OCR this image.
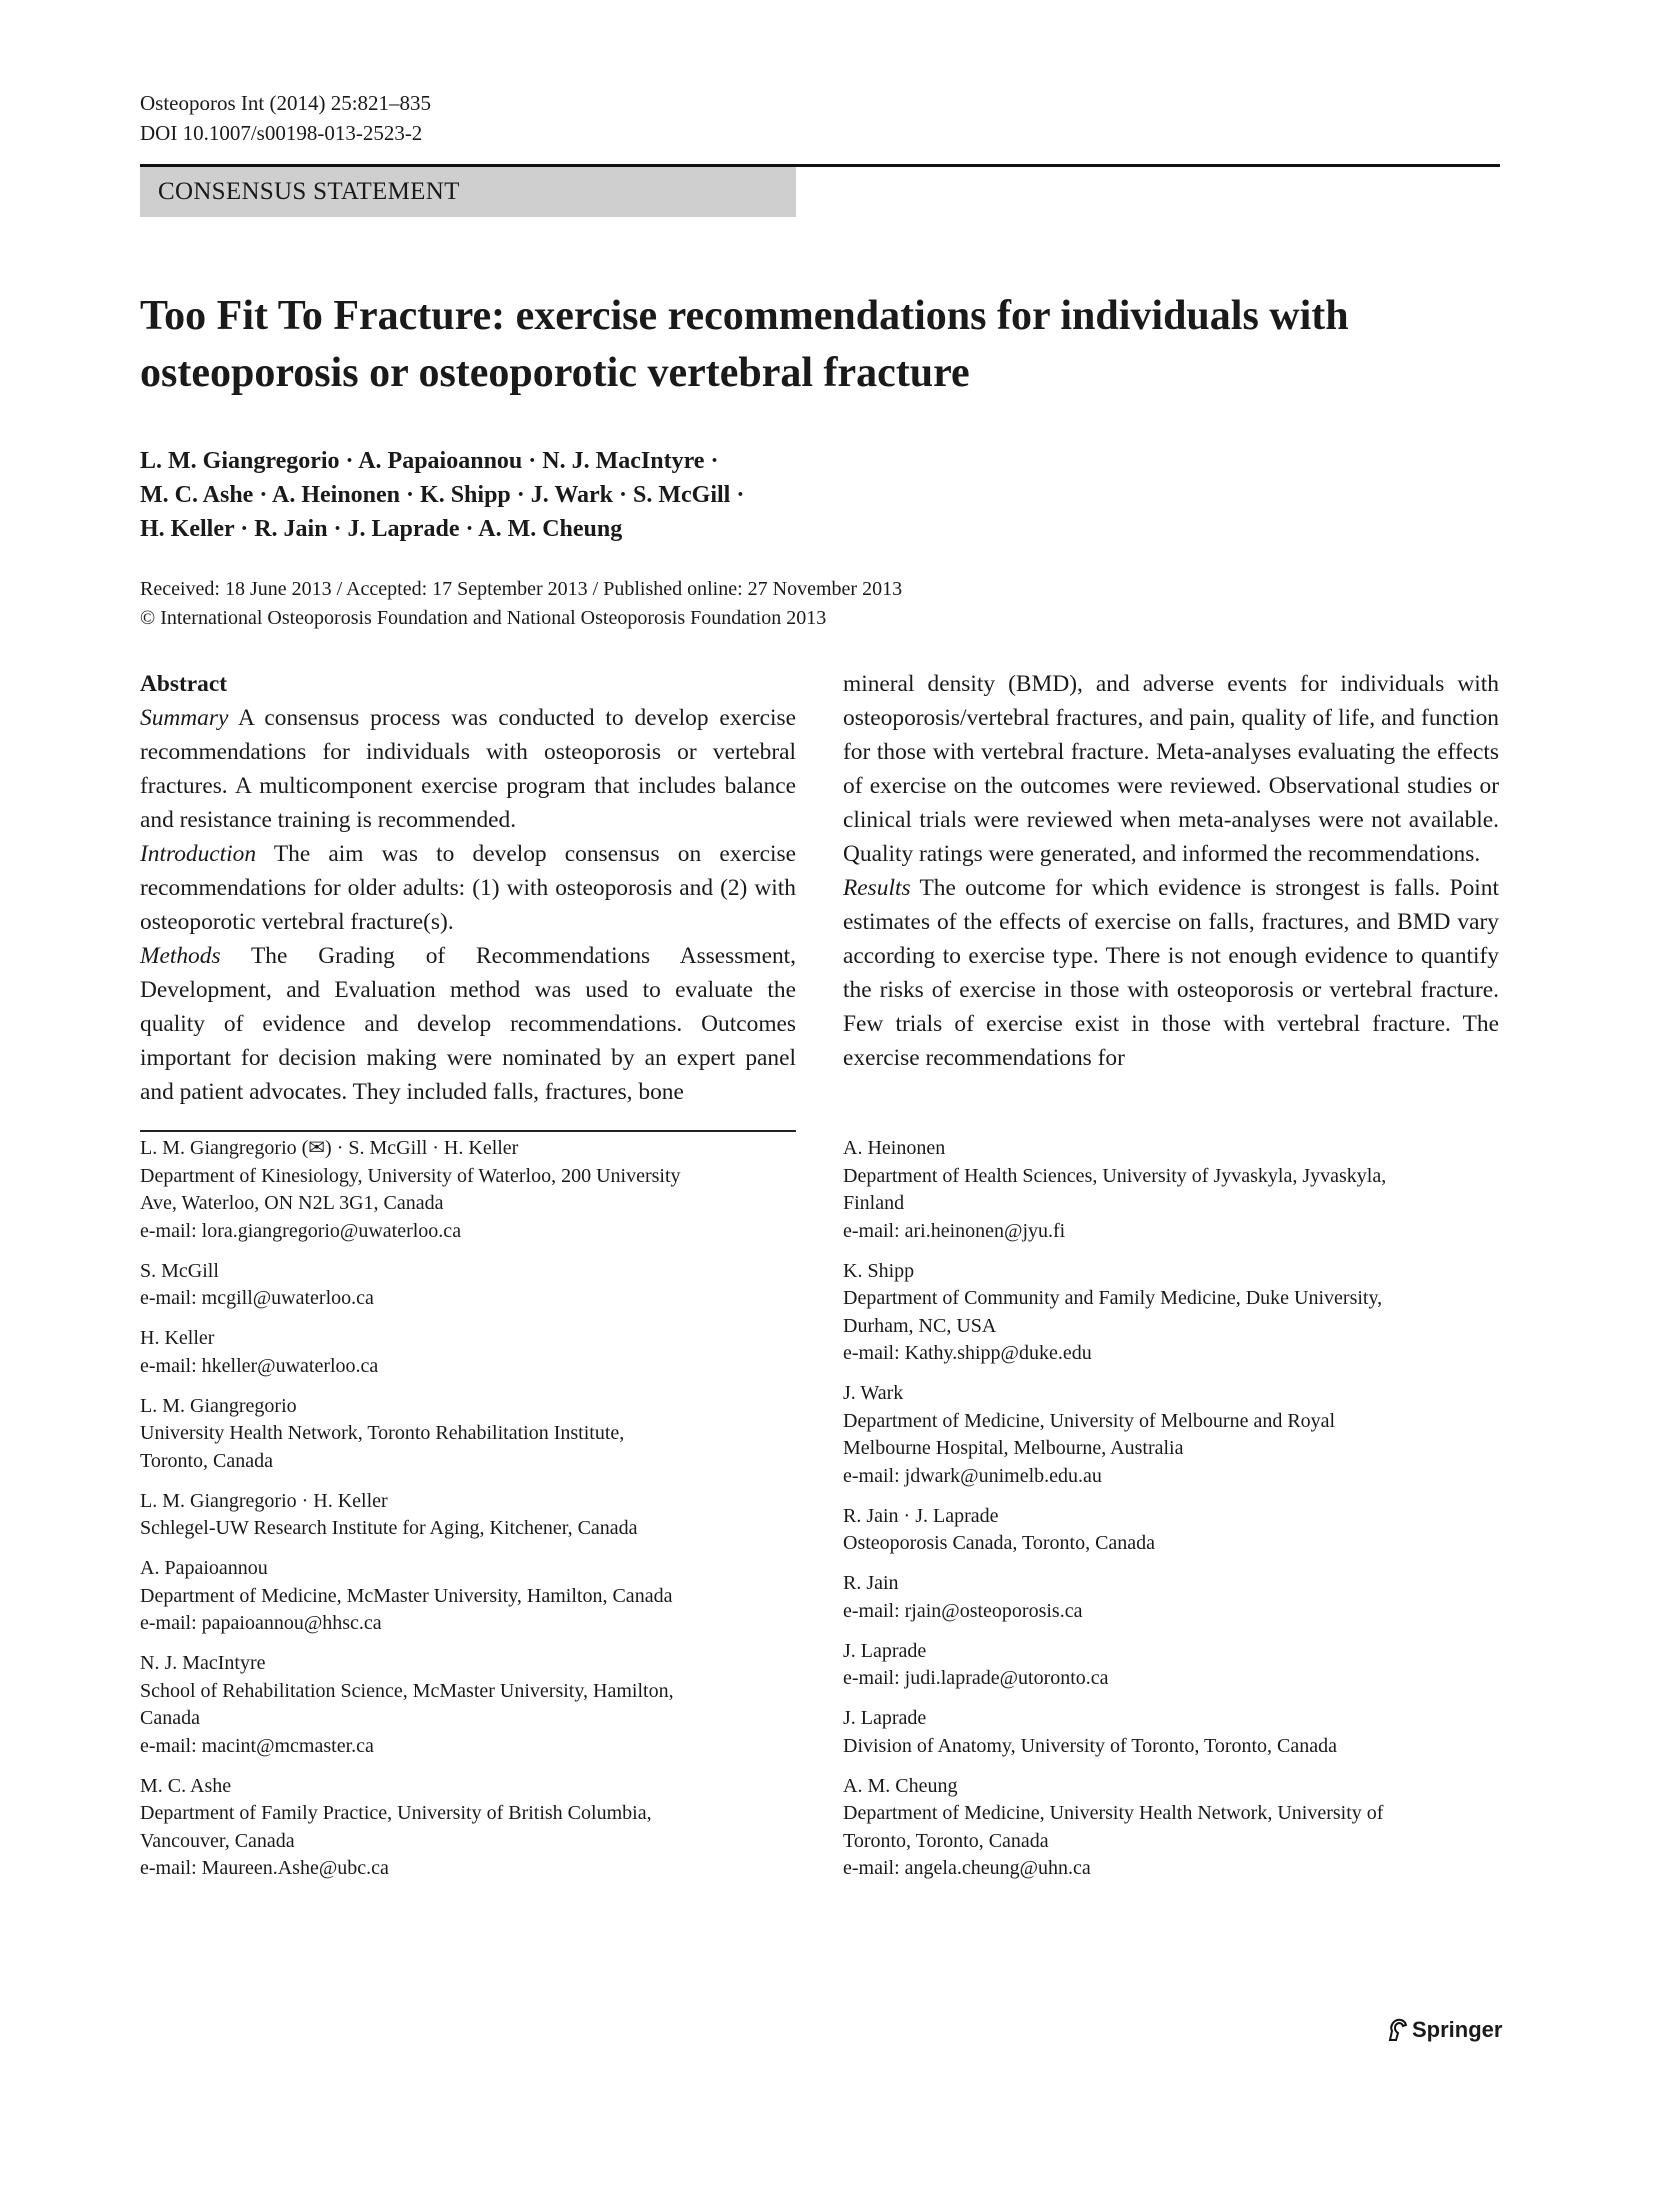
Osteoporos Int (2014) 25:821–835
DOI 10.1007/s00198-013-2523-2
CONSENSUS STATEMENT
Too Fit To Fracture: exercise recommendations for individuals with osteoporosis or osteoporotic vertebral fracture
L. M. Giangregorio · A. Papaioannou · N. J. MacIntyre ·
M. C. Ashe · A. Heinonen · K. Shipp · J. Wark · S. McGill ·
H. Keller · R. Jain · J. Laprade · A. M. Cheung
Received: 18 June 2013 / Accepted: 17 September 2013 / Published online: 27 November 2013
© International Osteoporosis Foundation and National Osteoporosis Foundation 2013

Abstract

Summary A consensus process was conducted to develop exercise recommendations for individuals with osteoporosis or vertebral fractures. A multicomponent exercise program that includes balance and resistance training is recommended.

Introduction The aim was to develop consensus on exercise recommendations for older adults: (1) with osteoporosis and (2) with osteoporotic vertebral fracture(s).

Methods The Grading of Recommendations Assessment, Development, and Evaluation method was used to evaluate the quality of evidence and develop recommendations. Outcomes important for decision making were nominated by an expert panel and patient advocates. They included falls, fractures, bone

mineral density (BMD), and adverse events for individuals with osteoporosis/vertebral fractures, and pain, quality of life, and function for those with vertebral fracture. Meta-analyses evaluating the effects of exercise on the outcomes were reviewed. Observational studies or clinical trials were reviewed when meta-analyses were not available. Quality ratings were generated, and informed the recommendations.

Results The outcome for which evidence is strongest is falls. Point estimates of the effects of exercise on falls, fractures, and BMD vary according to exercise type. There is not enough evidence to quantify the risks of exercise in those with osteoporosis or vertebral fracture. Few trials of exercise exist in those with vertebral fracture. The exercise recommendations for

L. M. Giangregorio (✉) · S. McGill · H. Keller
Department of Kinesiology, University of Waterloo, 200 University
Ave, Waterloo, ON N2L 3G1, Canada
e-mail: lora.giangregorio@uwaterloo.ca
S. McGill
e-mail: mcgill@uwaterloo.ca
H. Keller
e-mail: hkeller@uwaterloo.ca
L. M. Giangregorio
University Health Network, Toronto Rehabilitation Institute,
Toronto, Canada
L. M. Giangregorio · H. Keller
Schlegel-UW Research Institute for Aging, Kitchener, Canada
A. Papaioannou
Department of Medicine, McMaster University, Hamilton, Canada
e-mail: papaioannou@hhsc.ca
N. J. MacIntyre
School of Rehabilitation Science, McMaster University, Hamilton,
Canada
e-mail: macint@mcmaster.ca
M. C. Ashe
Department of Family Practice, University of British Columbia,
Vancouver, Canada
e-mail: Maureen.Ashe@ubc.ca
A. Heinonen
Department of Health Sciences, University of Jyvaskyla, Jyvaskyla,
Finland
e-mail: ari.heinonen@jyu.fi
K. Shipp
Department of Community and Family Medicine, Duke University,
Durham, NC, USA
e-mail: Kathy.shipp@duke.edu
J. Wark
Department of Medicine, University of Melbourne and Royal
Melbourne Hospital, Melbourne, Australia
e-mail: jdwark@unimelb.edu.au
R. Jain · J. Laprade
Osteoporosis Canada, Toronto, Canada
R. Jain
e-mail: rjain@osteoporosis.ca
J. Laprade
e-mail: judi.laprade@utoronto.ca
J. Laprade
Division of Anatomy, University of Toronto, Toronto, Canada
A. M. Cheung
Department of Medicine, University Health Network, University of
Toronto, Toronto, Canada
e-mail: angela.cheung@uhn.ca
Springer
